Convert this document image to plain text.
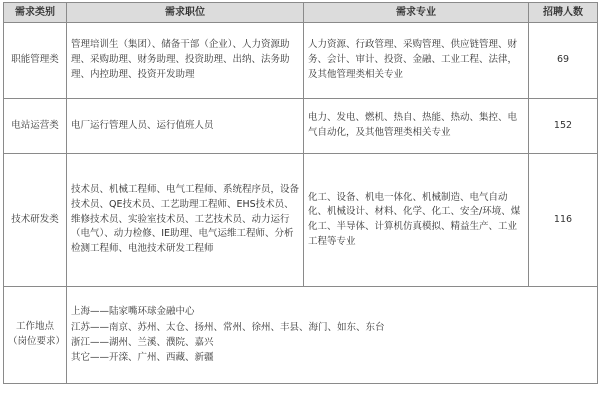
需求类别	需求职位	需求专业	招聘人数
职能管理类	管理培训生（集团）、储备干部（企业）、人力资源助理、采购助理、财务助理、投资助理、出纳、法务助理、内控助理、投资开发助理	人力资源、行政管理、采购管理、供应链管理、财务、会计、审计、投资、金融、工业工程、法律，及其他管理类相关专业	69
电站运营类	电厂运行管理人员、运行值班人员	电力、发电、燃机、热自、热能、热动、集控、电气自动化，及其他管理类相关专业	152
技术研发类	技术员、机械工程师、电气工程师、系统程序员，设备技术员、QE技术员、工艺助理工程师、EHS技术员、维修技术员、实验室技术员、工艺技术员、动力运行（电气）、动力检修、IE助理、电气运维工程师、分析检测工程师、电池技术研发工程师	化工、设备、机电一体化、机械制造、电气自动化、机械设计、材料、化学、化工、安全/环境、煤化工、半导体、计算机仿真模拟、精益生产、工业工程等专业	116

工作地点
（岗位要求）	上海——陆家嘴环球金融中心
江苏——南京、苏州、太仓、扬州、常州、徐州、丰县、海门、如东、东台
浙江——湖州、兰溪、濮院、嘉兴
其它——开滦、广州、西藏、新疆		
